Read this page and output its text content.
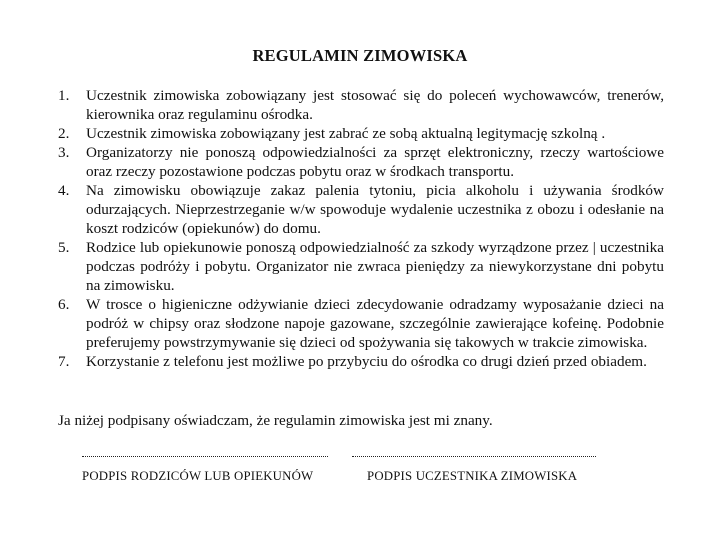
REGULAMIN ZIMOWISKA
1. Uczestnik zimowiska zobowiązany jest stosować się do poleceń wychowawców, trenerów, kierownika oraz regulaminu ośrodka.
2. Uczestnik zimowiska zobowiązany jest zabrać ze sobą aktualną legitymację szkolną .
3. Organizatorzy nie ponoszą odpowiedzialności za sprzęt elektroniczny, rzeczy wartościowe oraz rzeczy pozostawione podczas pobytu oraz w środkach transportu.
4. Na zimowisku obowiązuje zakaz palenia tytoniu, picia alkoholu i używania środków odurzających. Nieprzestrzeganie w/w spowoduje wydalenie uczestnika z obozu i odesłanie na koszt rodziców (opiekunów) do domu.
5. Rodzice lub opiekunowie ponoszą odpowiedzialność za szkody wyrządzone przez | uczestnika podczas podróży i pobytu. Organizator nie zwraca pieniędzy za niewykorzystane dni pobytu na zimowisku.
6. W trosce o higieniczne odżywianie dzieci zdecydowanie odradzamy wyposażanie dzieci na podróż w chipsy oraz słodzone napoje gazowane, szczególnie zawierające kofeinę. Podobnie preferujemy powstrzymywanie się dzieci od spożywania się takowych w trakcie zimowiska.
7. Korzystanie z telefonu jest możliwe po przybyciu do ośrodka co drugi dzień przed obiadem.
Ja niżej podpisany oświadczam, że regulamin zimowiska jest mi znany.
PODPIS RODZICÓW LUB OPIEKUNÓW	PODPIS UCZESTNIKA ZIMOWISKA
